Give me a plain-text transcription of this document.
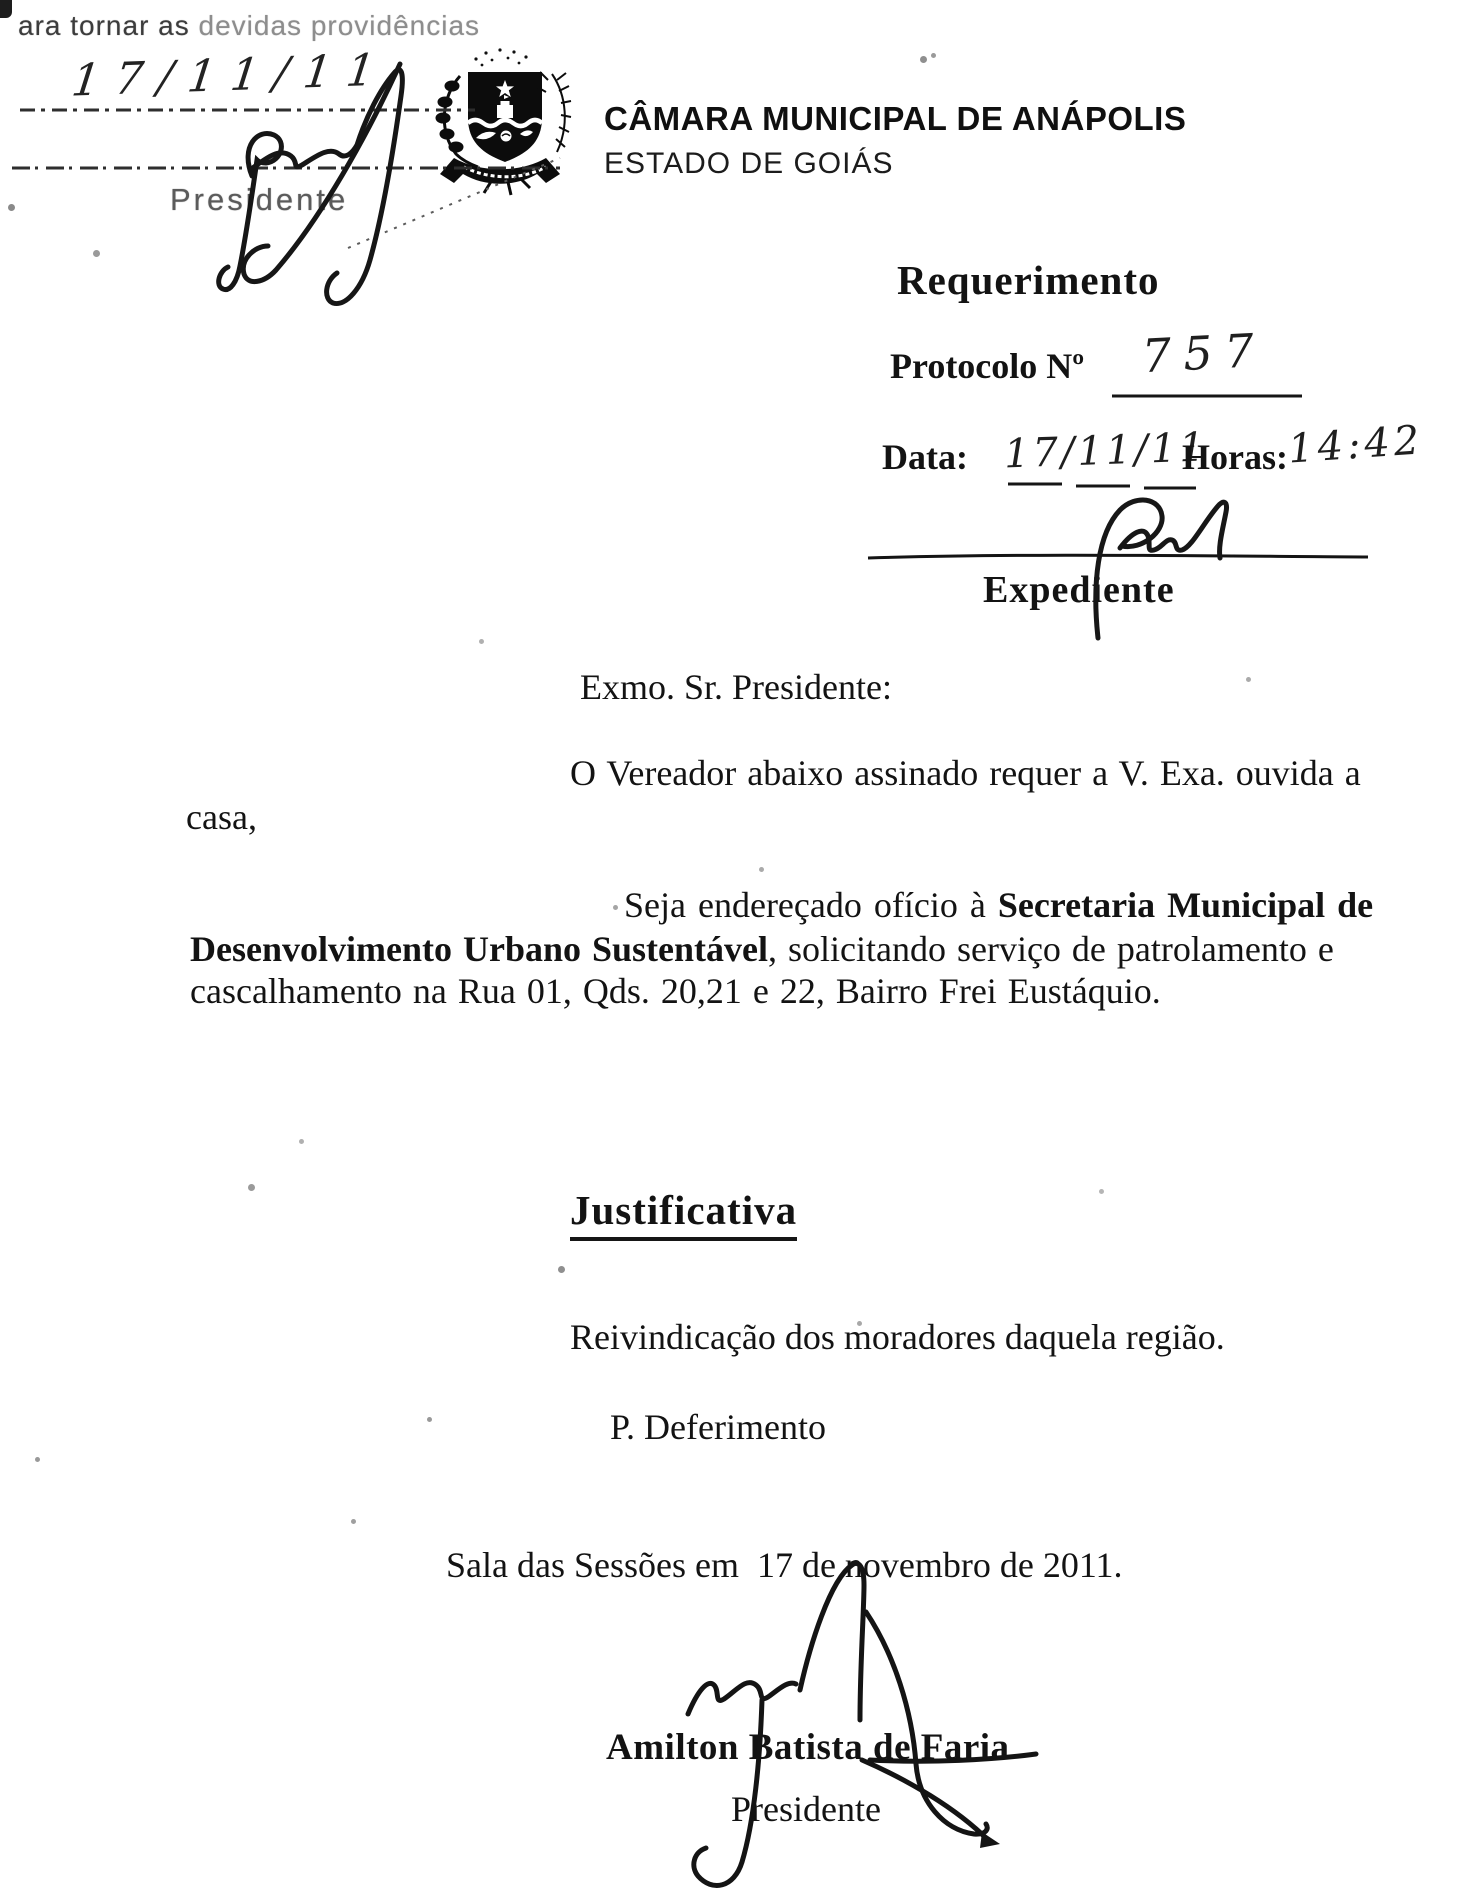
ara tornar as devidas providências
17/11/11
Presidente
CÂMARA MUNICIPAL DE ANÁPOLIS
ESTADO DE GOIÁS
Requerimento
Protocolo Nº 757
Data: 17/11/11
Horas:
14:42
Expediente
Exmo. Sr. Presidente:
O Vereador abaixo assinado requer a V. Exa. ouvida a
casa,
Seja endereçado ofício à Secretaria Municipal de
Desenvolvimento Urbano Sustentável, solicitando serviço de patrolamento e
cascalhamento na Rua 01, Qds. 20,21 e 22, Bairro Frei Eustáquio.
Justificativa
Reivindicação dos moradores daquela região.
P. Deferimento
Sala das Sessões em  17 de novembro de 2011.
Amilton Batista de Faria
Presidente
